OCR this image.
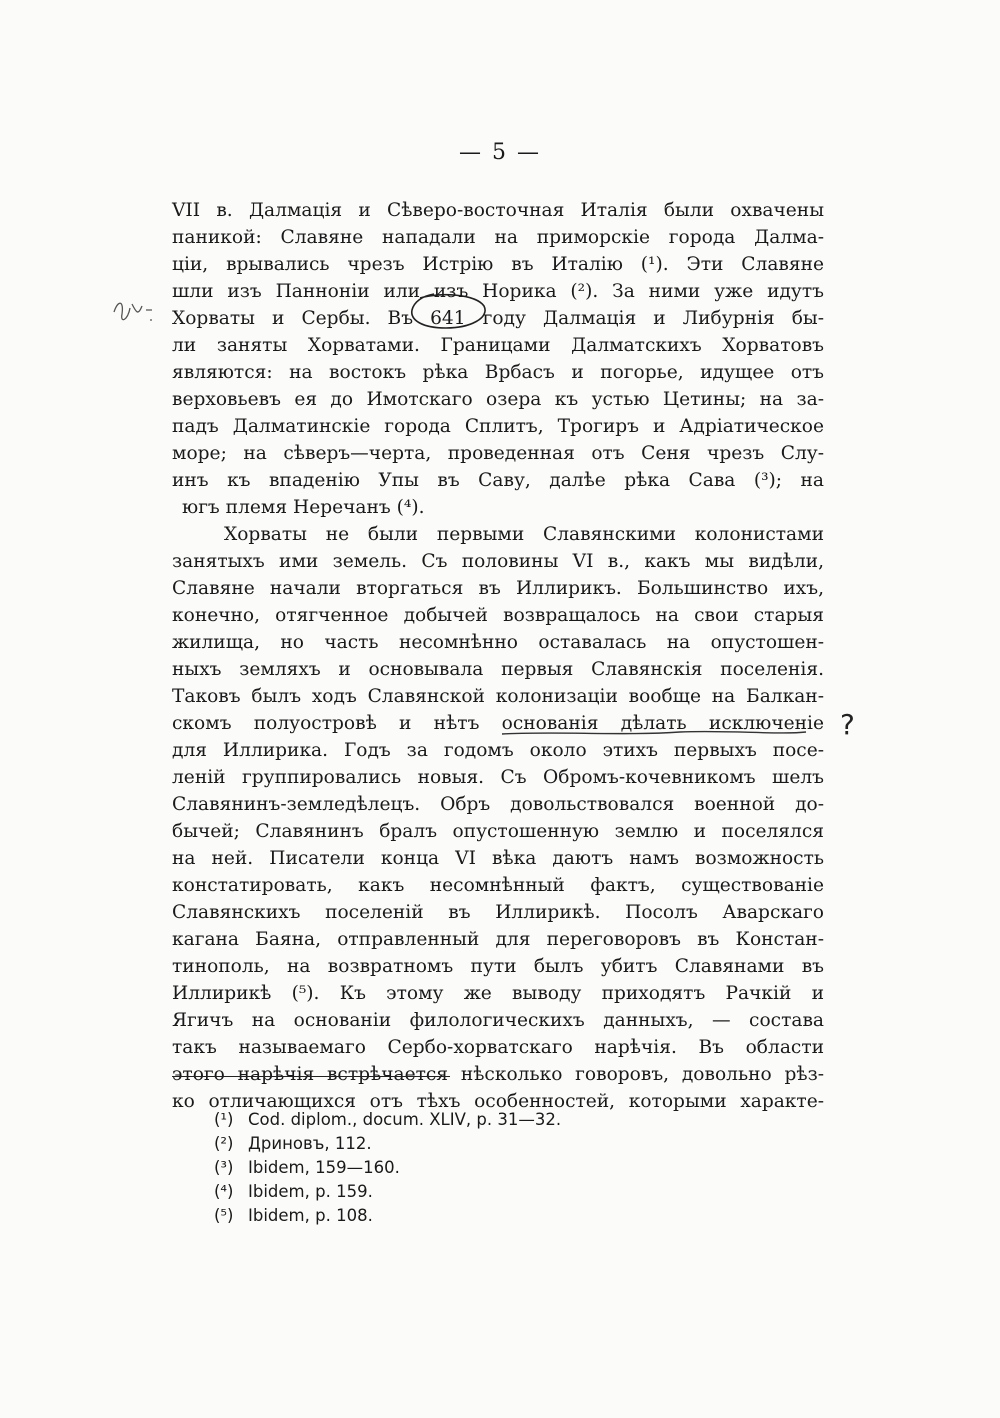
— 5 —
VII в. Далмація и Сѣверо-восточная Италія были охвачены
паникой: Славяне нападали на приморскіе города Далма-
ціи, врывались чрезъ Истрію въ Италію (¹). Эти Славяне
шли изъ Паннонiи или изъ Норика (²). За ними уже идутъ
Хорваты и Сербы. Въ 641 году Далмація и Либурнія бы-
ли заняты Хорватами. Границами Далматскихъ Хорватовъ
являются: на востокъ рѣка Врбасъ и погорье, идущее отъ
верховьевъ ея до Имотскаго озера къ устью Цетины; на за-
падъ Далматинскіе города Сплитъ, Трогиръ и Адріатическое
море; на сѣверъ—черта, проведенная отъ Сеня чрезъ Слу-
инъ къ впаденію Упы въ Саву, далѣе рѣка Сава (³); на
югъ племя Неречанъ (⁴).
Хорваты не были первыми Славянскими колонистами
занятыхъ ими земель. Съ половины VI в., какъ мы видѣли,
Славяне начали вторгаться въ Иллирикъ. Большинство ихъ,
конечно, отягченное добычей возвращалось на свои старыя
жилища, но часть несомнѣнно оставалась на опустошен-
ныхъ земляхъ и основывала первыя Славянскія поселенія.
Таковъ былъ ходъ Славянской колонизаціи вообще на Балкан-
скомъ полуостровѣ и нѣтъ основанія дѣлать исключеніе
для Иллирика. Годъ за годомъ около этихъ первыхъ посе-
леній группировались новыя. Съ Обромъ-кочевникомъ шелъ
Славянинъ-земледѣлецъ. Обръ довольствовался военной до-
бычей; Славянинъ бралъ опустошенную землю и поселялся
на ней. Писатели конца VI вѣка даютъ намъ возможность
констатировать, какъ несомнѣнный фактъ, существованіе
Славянскихъ поселеній въ Иллирикѣ. Посолъ Аварскаго
кагана Баяна, отправленный для переговоровъ въ Констан-
тинополь, на возвратномъ пути былъ убитъ Славянами въ
Иллирикѣ (⁵). Къ этому же выводу приходятъ Рачкій и
Ягичъ на основаніи филологическихъ данныхъ, — состава
такъ называемаго Сербо-хорватскаго нарѣчія. Въ области
этого нарѣчія встрѣчается нѣсколько говоровъ, довольно рѣз-
ко отличающихся отъ тѣхъ особенностей, которыми характе-
?
(¹) Cod. diplom., docum. XLIV, p. 31—32.
(²) Дриновъ, 112.
(³) Ibidem, 159—160.
(⁴) Ibidem, p. 159.
(⁵) Ibidem, p. 108.
